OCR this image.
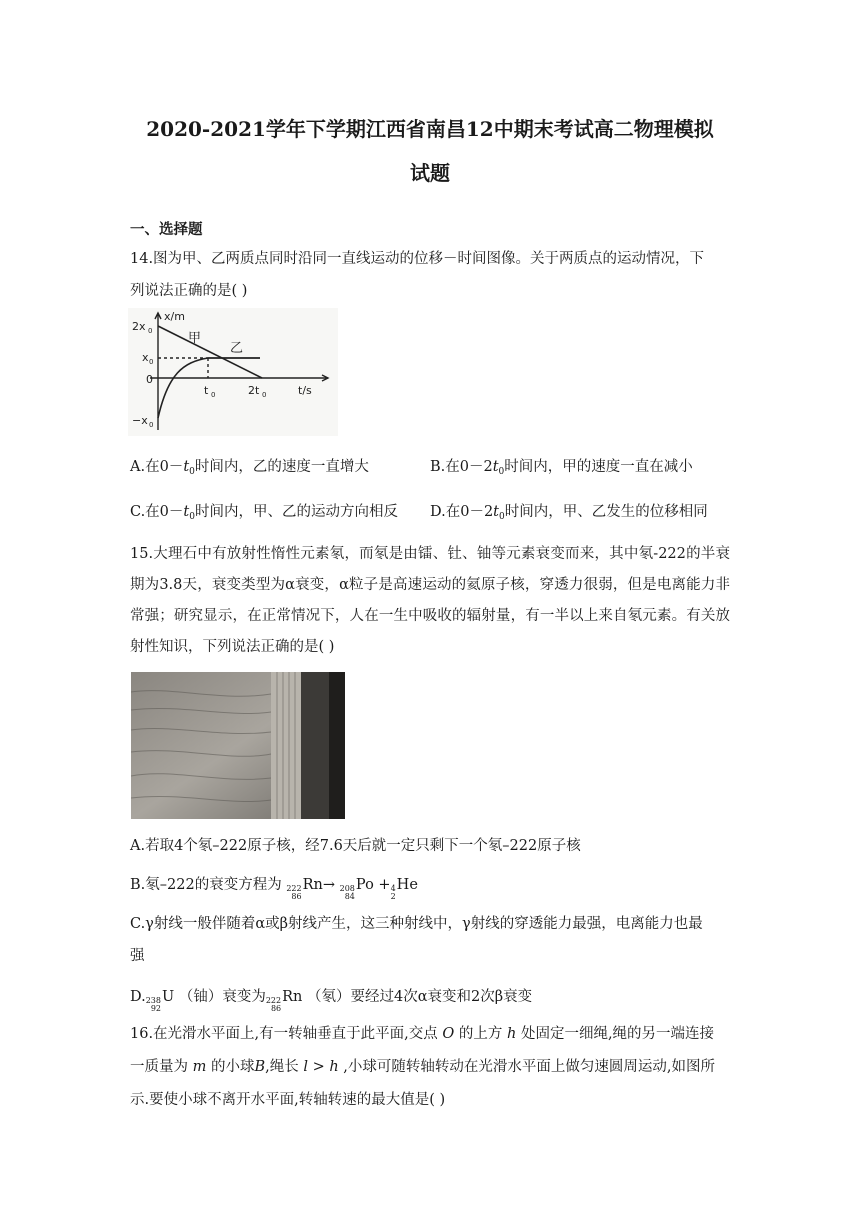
2020-2021学年下学期江西省南昌12中期末考试高二物理模拟
试题
一、选择题
14.图为甲、乙两质点同时沿同一直线运动的位移－时间图像。关于两质点的运动情况，下
列说法正确的是( )
x/m
t/s
2x 0
x 0
0
−x 0
t 0	2t 0
甲
乙
A.在$0-t_0$时间内，乙的速度一直增大	B.在$0-2t_0$时间内，甲的速度一直在减小
C.在$0-t_0$时间内，甲、乙的运动方向相反 D.在$0-2t_0$时间内，甲、乙发生的位移相同
15.大理石中有放射性惰性元素氡，而氡是由镭、钍、铀等元素衰变而来，其中氡-222的半衰期为3.8天，衰变类型为α衰变，α粒子是高速运动的氦原子核，穿透力很弱，但是电离能力非常强；研究显示，在正常情况下，人在一生中吸收的辐射量，有一半以上来自氡元素。有关放射性知识，下列说法正确的是( )
A.若取4个氡–222原子核，经7.6天后就一定只剩下一个氡–222原子核
B.氡–222的衰变方程为 222
86
Rn→ 208
84
Po + 4
2
He
C.γ射线一般伴随着α或β射线产生，这三种射线中，γ射线的穿透能力最强，电离能力也最
强
D. 238
92
U （铀）衰变为 222
86
Rn （氡）要经过4次α衰变和2次β衰变
16.在光滑水平面上,有一转轴垂直于此平面,交点 O 的上方 h 处固定一细绳,绳的另一端连接
一质量为 m 的小球B,绳长 l > h ,小球可随转轴转动在光滑水平面上做匀速圆周运动,如图所
示.要使小球不离开水平面,转轴转速的最大值是( )
